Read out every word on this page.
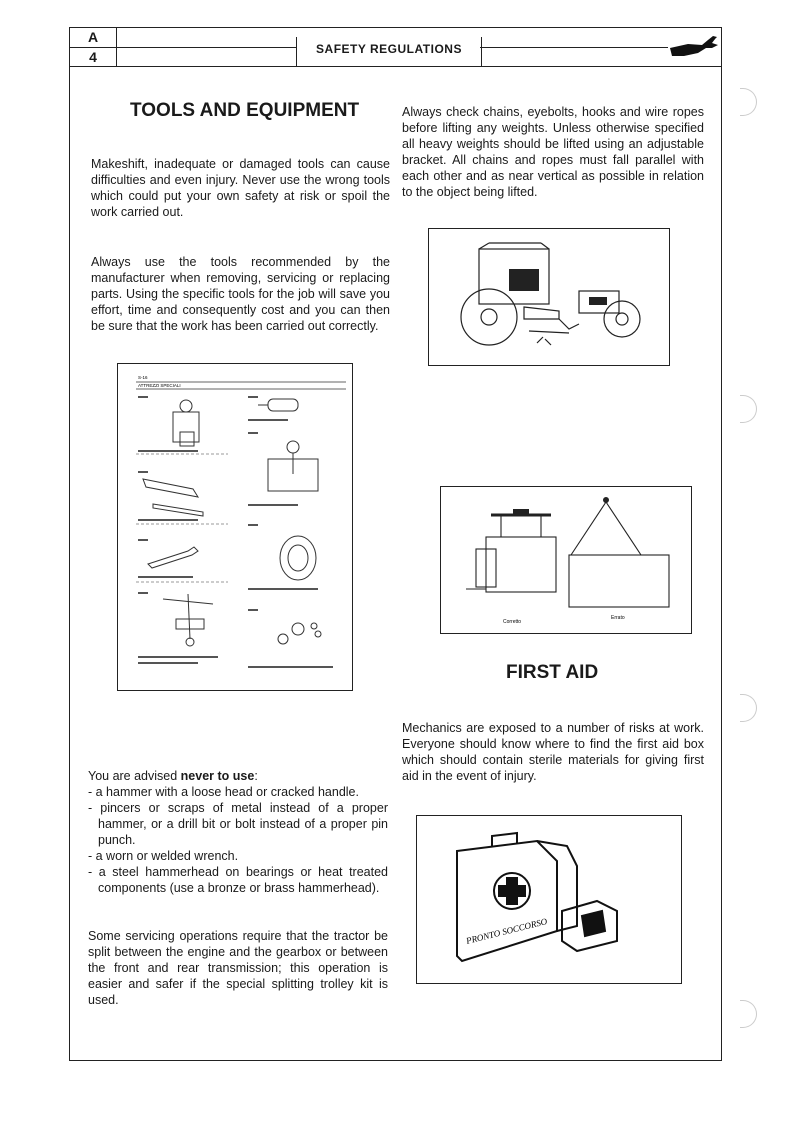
A
4	SAFETY REGULATIONS
TOOLS AND EQUIPMENT
Makeshift, inadequate or damaged tools can cause difficulties and even injury. Never use the wrong tools which could put your own safety at risk or spoil the work carried out.
Always use the tools recommended by the manufacturer when removing, servicing or replacing parts. Using the specific tools for the job will save you effort, time and consequently cost and you can then be sure that the work has been carried out correctly.
S-16
ATTREZZI SPECIALI
You are advised never to use:
- a hammer with a loose head or cracked handle.
- pincers or scraps of metal instead of a proper hammer, or a drill bit or bolt instead of a proper pin punch.
- a worn or welded wrench.
- a steel hammerhead on bearings or heat treated components (use a bronze or brass hammerhead).
Some servicing operations require that the tractor be split between the engine and the gearbox or between the front and rear transmission; this operation is easier and safer if the special splitting trolley kit is used.
Always check chains, eyebolts, hooks and wire ropes before lifting any weights. Unless otherwise specified all heavy weights should be lifted using an adjustable bracket. All chains and ropes must fall parallel with each other and as near vertical as possible in relation to the object being lifted.
Corretto
Errato
FIRST AID
Mechanics are exposed to a number of risks at work. Everyone should know where to find the first aid box which should contain sterile materials for giving first aid in the event of injury.
PRONTO SOCCORSO
